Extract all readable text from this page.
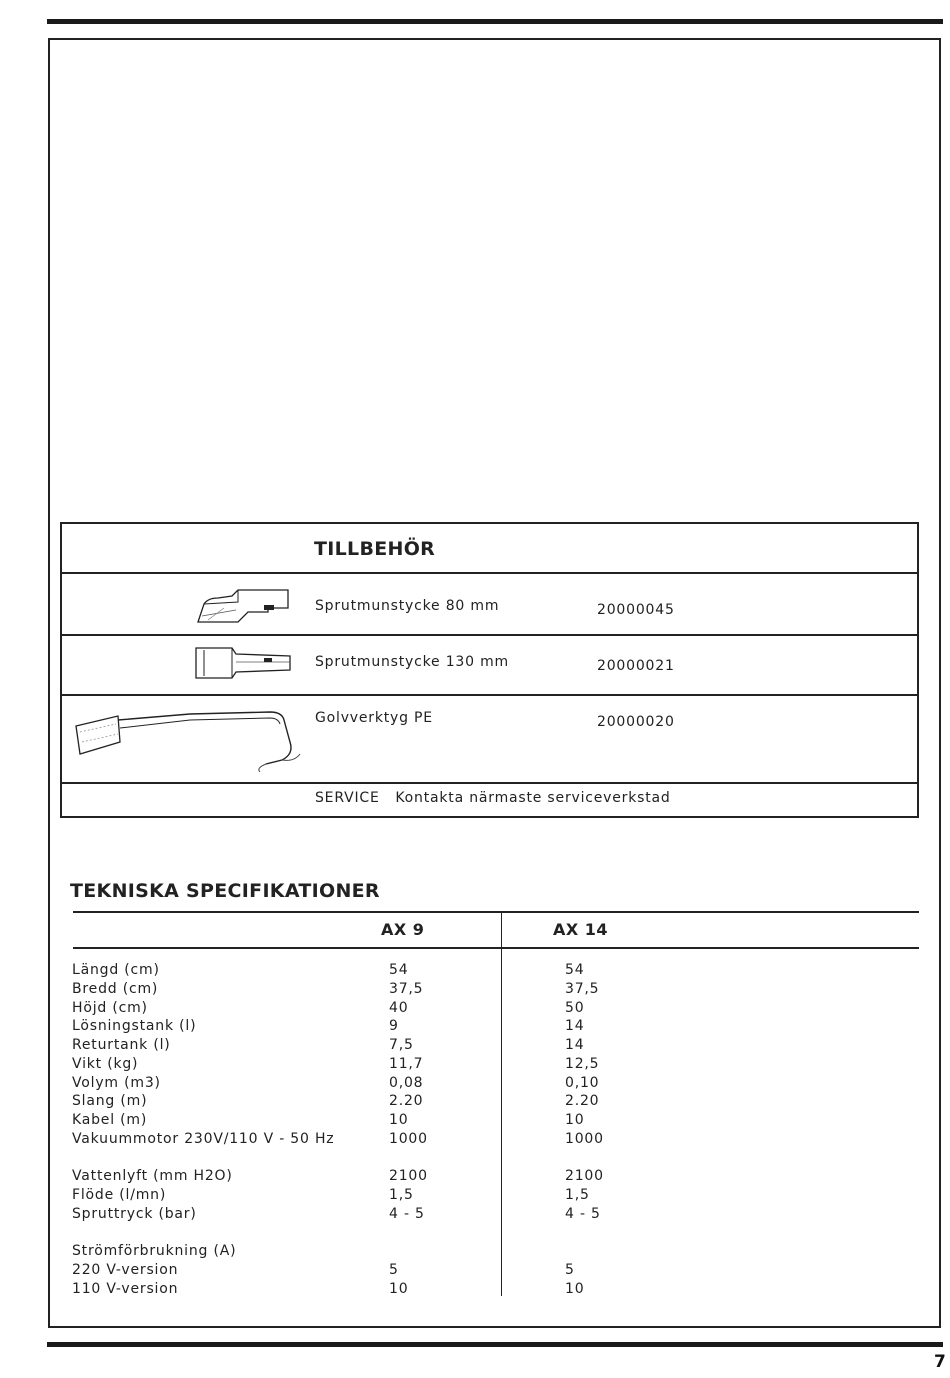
TILLBEHÖR
Sprutmunstycke 80 mm	20000045
Sprutmunstycke 130 mm	20000021
Golvverktyg PE	20000020
SERVICE Kontakta närmaste serviceverkstad
TEKNISKA SPECIFIKATIONER
AX 9	AX 14
Längd (cm)	54	54
Bredd (cm)	37,5	37,5
Höjd (cm)	40	50
Lösningstank (l)	9	14
Returtank (l)	7,5	14
Vikt (kg)	11,7	12,5
Volym (m3)	0,08	0,10
Slang (m)	2.20	2.20
Kabel (m)	10	10
Vakuummotor 230V/110 V - 50 Hz	1000	1000
Vattenlyft (mm H2O)	2100	2100
Flöde (l/mn)	1,5	1,5
Spruttryck (bar)	4 - 5	4 - 5
Strömförbrukning (A)
220 V-version	5	5
110 V-version	10	10
7
